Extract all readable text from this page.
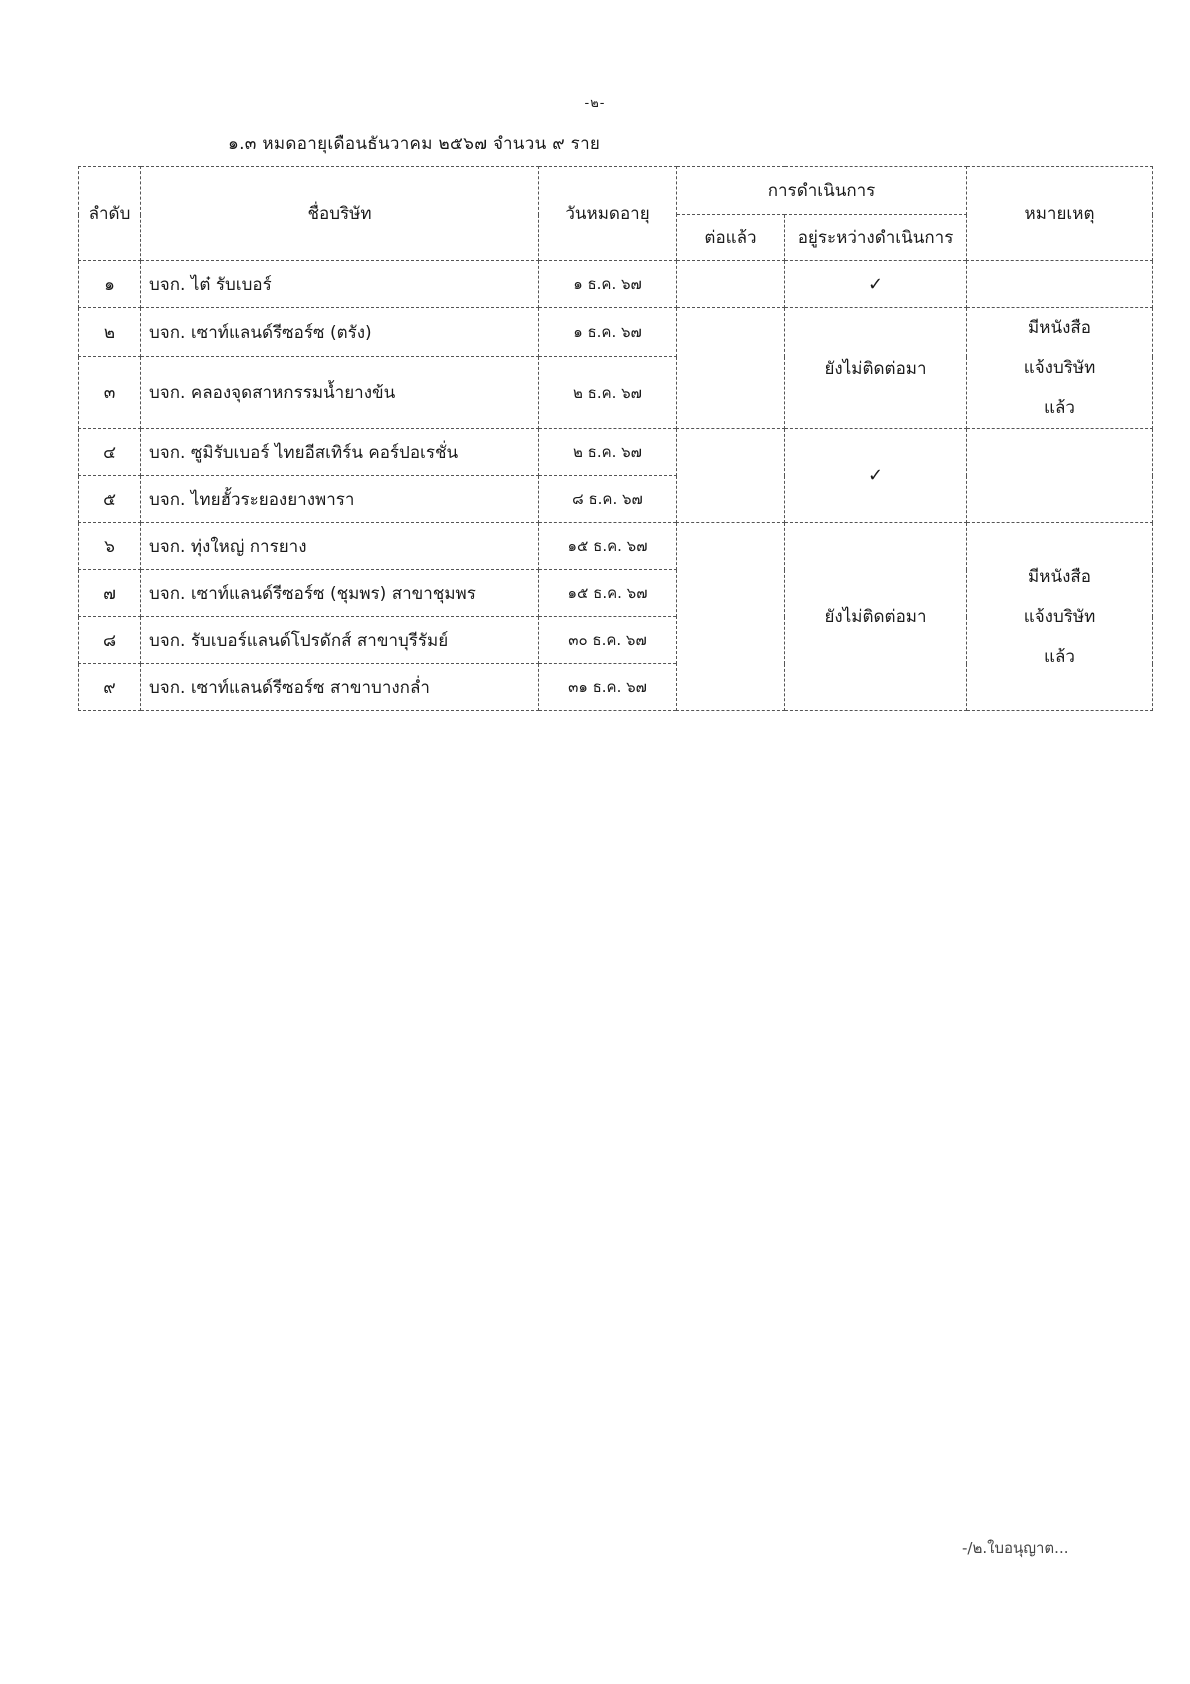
-๒-
๑.๓ หมดอายุเดือนธันวาคม ๒๕๖๗ จำนวน ๙ ราย
ลำดับ	ชื่อบริษัท	วันหมดอายุ	การดำเนินการ		หมายเหตุ
			ต่อแล้ว	อยู่ระหว่างดำเนินการ	
๑	บจก. ไต๋ รับเบอร์	๑ ธ.ค. ๖๗		✓	
๒	บจก. เซาท์แลนด์รีซอร์ซ (ตรัง)	๑ ธ.ค. ๖๗		ยังไม่ติดต่อมา	มีหนังสือ
แจ้งบริษัท
แล้ว

๓	บจก. คลองจุดสาหกรรมน้ำยางข้น	๒ ธ.ค. ๖๗			
๔	บจก. ซูมิรับเบอร์ ไทยอีสเทิร์น คอร์ปอเรชั่น	๒ ธ.ค. ๖๗		✓	
๕	บจก. ไทยฮั้วระยองยางพารา	๘ ธ.ค. ๖๗			
๖	บจก. ทุ่งใหญ่ การยาง	๑๕ ธ.ค. ๖๗		ยังไม่ติดต่อมา	มีหนังสือ
แจ้งบริษัท
แล้ว

๗	บจก. เซาท์แลนด์รีซอร์ซ (ชุมพร) สาขาชุมพร	๑๕ ธ.ค. ๖๗			
๘	บจก. รับเบอร์แลนด์โปรดักส์ สาขาบุรีรัมย์	๓๐ ธ.ค. ๖๗			
๙	บจก. เซาท์แลนด์รีซอร์ซ สาขาบางกล่ำ	๓๑ ธ.ค. ๖๗			
-/๒.ใบอนุญาต...
